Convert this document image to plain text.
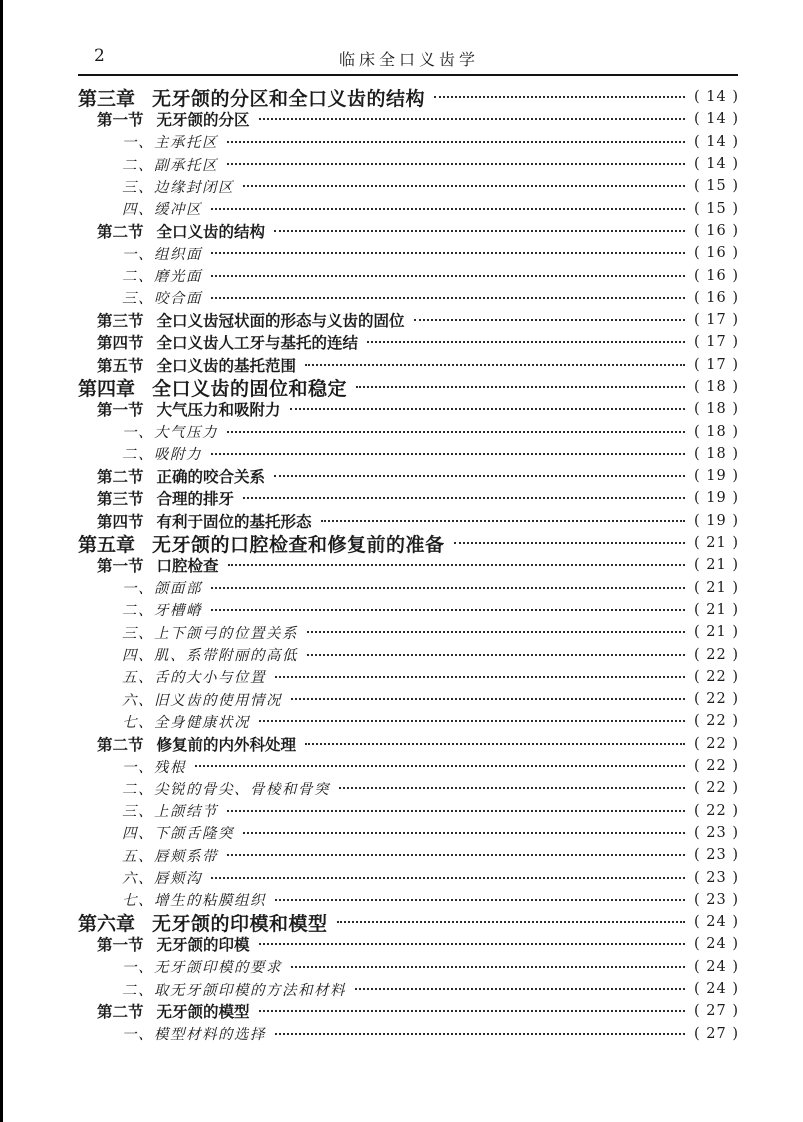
2	临床全口义齿学
第三章 无牙颌的分区和全口义齿的结构	( 14 )
第一节 无牙颌的分区	( 14 )
一、主承托区	( 14 )
二、副承托区	( 14 )
三、边缘封闭区	( 15 )
四、缓冲区	( 15 )
第二节 全口义齿的结构	( 16 )
一、组织面	( 16 )
二、磨光面	( 16 )
三、咬合面	( 16 )
第三节 全口义齿冠状面的形态与义齿的固位	( 17 )
第四节 全口义齿人工牙与基托的连结	( 17 )
第五节 全口义齿的基托范围	( 17 )
第四章 全口义齿的固位和稳定	( 18 )
第一节 大气压力和吸附力	( 18 )
一、大气压力	( 18 )
二、吸附力	( 18 )
第二节 正确的咬合关系	( 19 )
第三节 合理的排牙	( 19 )
第四节 有利于固位的基托形态	( 19 )
第五章 无牙颌的口腔检查和修复前的准备	( 21 )
第一节 口腔检查	( 21 )
一、颌面部	( 21 )
二、牙槽嵴	( 21 )
三、上下颌弓的位置关系	( 21 )
四、肌、系带附丽的高低	( 22 )
五、舌的大小与位置	( 22 )
六、旧义齿的使用情况	( 22 )
七、全身健康状况	( 22 )
第二节 修复前的内外科处理	( 22 )
一、残根	( 22 )
二、尖锐的骨尖、骨棱和骨突	( 22 )
三、上颌结节	( 22 )
四、下颌舌隆突	( 23 )
五、唇颊系带	( 23 )
六、唇颊沟	( 23 )
七、增生的粘膜组织	( 23 )
第六章 无牙颌的印模和模型	( 24 )
第一节 无牙颌的印模	( 24 )
一、无牙颌印模的要求	( 24 )
二、取无牙颌印模的方法和材料	( 24 )
第二节 无牙颌的模型	( 27 )
一、模型材料的选择	( 27 )
